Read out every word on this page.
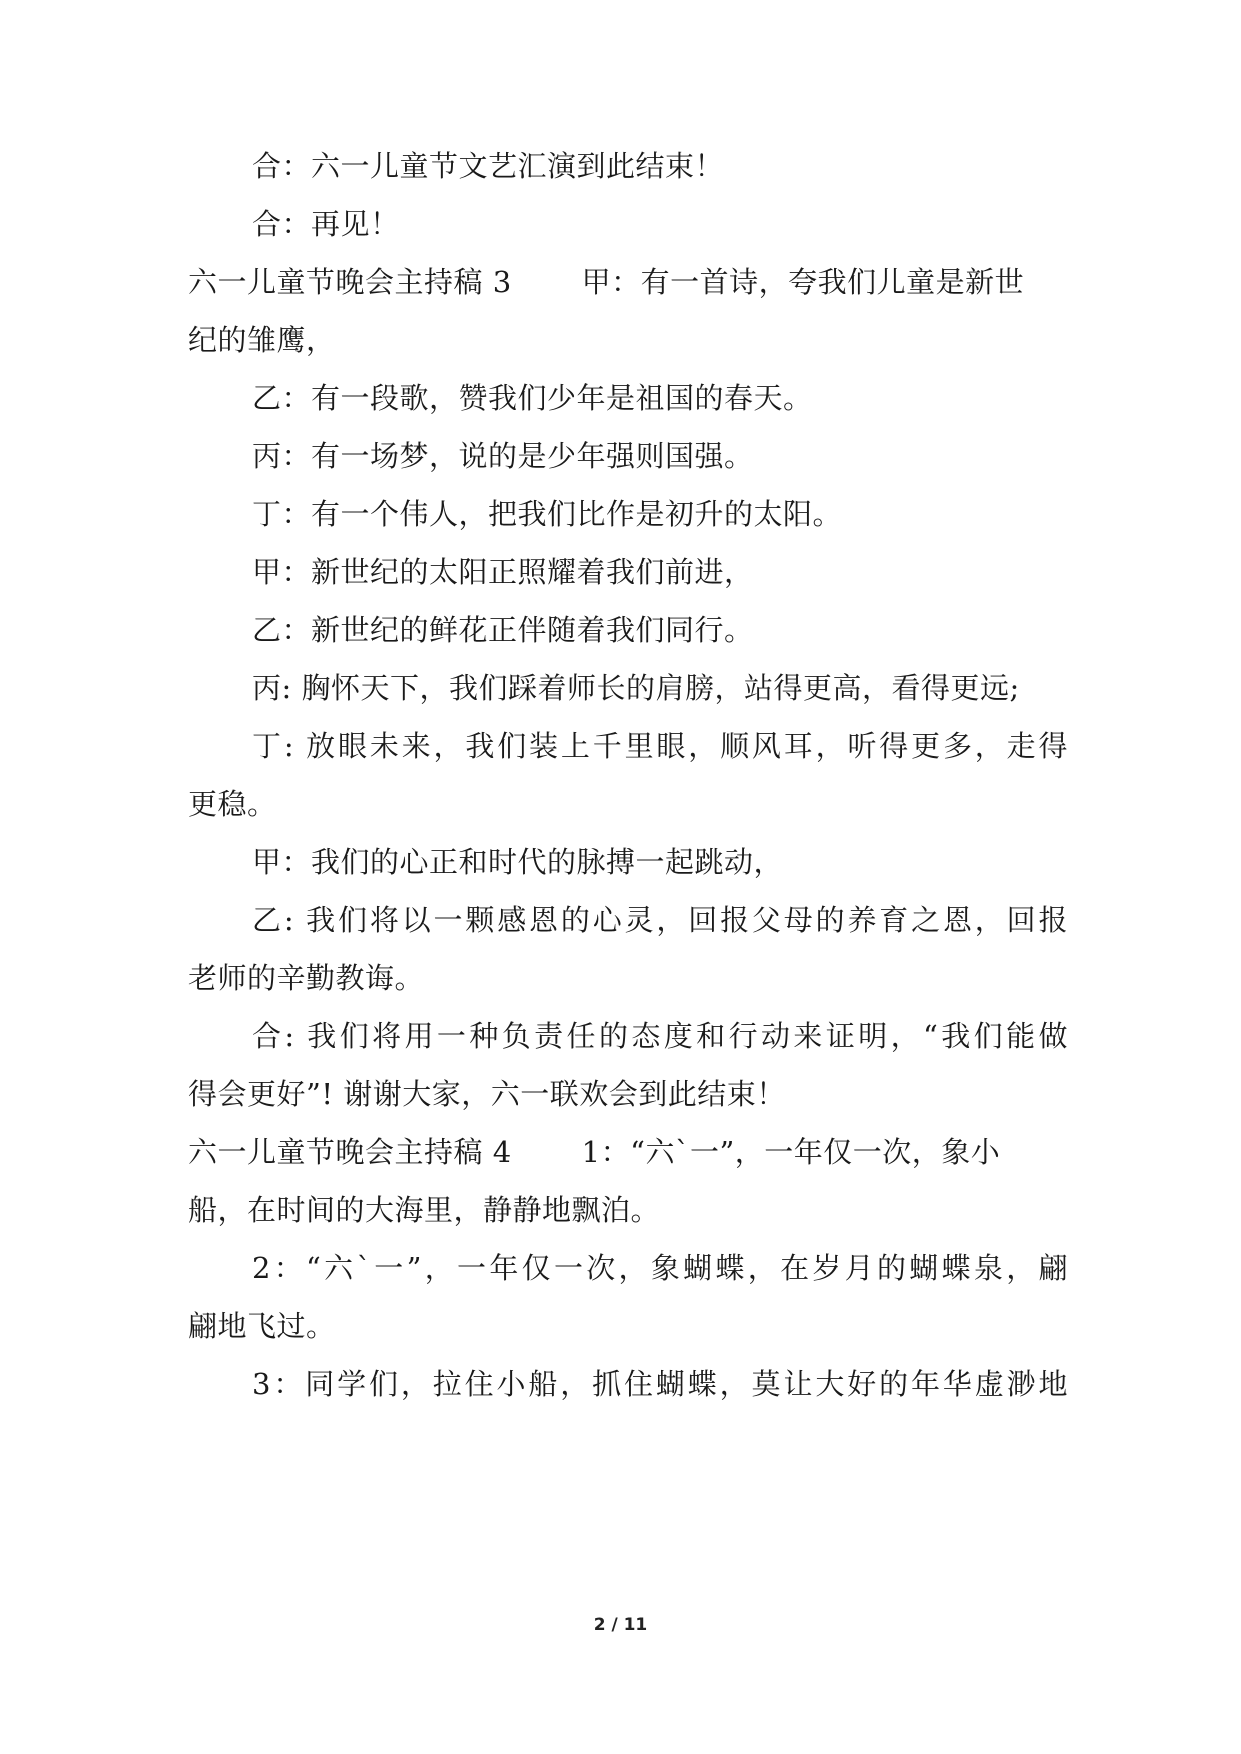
合：六一儿童节文艺汇演到此结束！
合：再见！
六一儿童节晚会主持稿 3 甲：有一首诗，夸我们儿童是新世
纪的雏鹰，
乙：有一段歌，赞我们少年是祖国的春天。
丙：有一场梦，说的是少年强则国强。
丁：有一个伟人，把我们比作是初升的太阳。
甲：新世纪的太阳正照耀着我们前进，
乙：新世纪的鲜花正伴随着我们同行。
丙: 胸怀天下，我们踩着师长的肩膀，站得更高，看得更远;
丁: 放眼未来，我们装上千里眼，顺风耳，听得更多，走得
更稳。
甲：我们的心正和时代的脉搏一起跳动，
乙: 我们将以一颗感恩的心灵，回报父母的养育之恩，回报
老师的辛勤教诲。
合: 我们将用一种负责任的态度和行动来证明，“我们能做
得会更好”! 谢谢大家，六一联欢会到此结束！
六一儿童节晚会主持稿 4 1：“六`一”，一年仅一次，象小
船，在时间的大海里，静静地飘泊。
2：“六`一”，一年仅一次，象蝴蝶，在岁月的蝴蝶泉，翩
翩地飞过。
3：同学们，拉住小船，抓住蝴蝶，莫让大好的年华虚渺地
2 / 11
